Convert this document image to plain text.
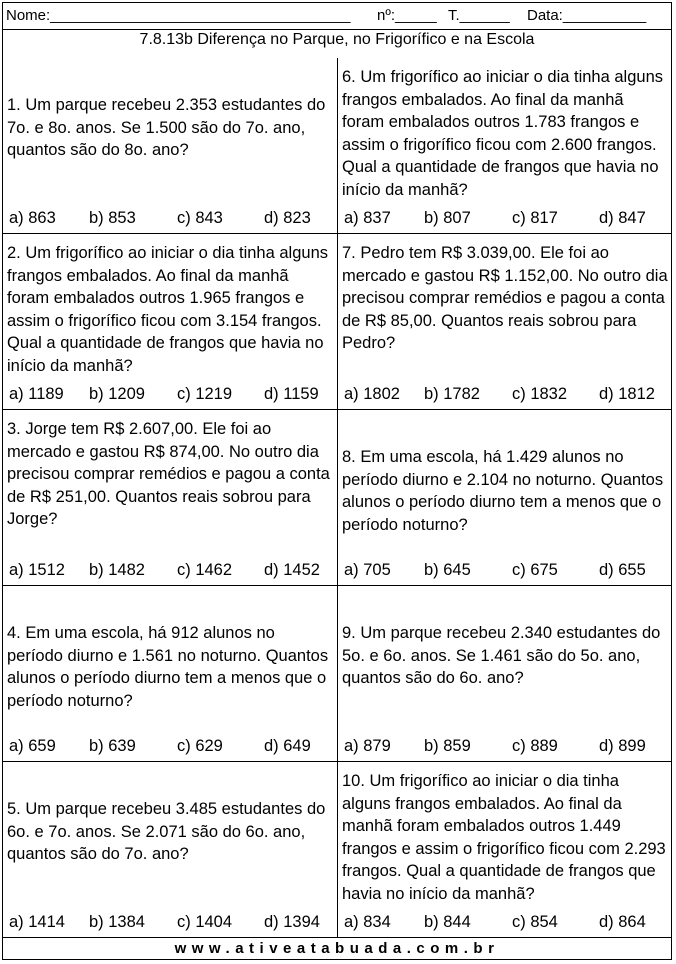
Nome:____________________________________ nº:_____ T.______ Data:__________
7.8.13b Diferença no Parque, no Frigorífico e na Escola
1. Um parque recebeu 2.353 estudantes do 7o. e 8o. anos. Se 1.500 são do 7o. ano, quantos são do 8o. ano?
a) 863 b) 853 c) 843 d) 823
2. Um frigorífico ao iniciar o dia tinha alguns frangos embalados. Ao final da manhã foram embalados outros 1.965 frangos e assim o frigorífico ficou com 3.154 frangos. Qual a quantidade de frangos que havia no início da manhã?
a) 1189 b) 1209 c) 1219 d) 1159
3. Jorge tem R$ 2.607,00. Ele foi ao mercado e gastou R$ 874,00. No outro dia precisou comprar remédios e pagou a conta de R$ 251,00. Quantos reais sobrou para Jorge?
a) 1512 b) 1482 c) 1462 d) 1452
4. Em uma escola, há 912 alunos no período diurno e 1.561 no noturno. Quantos alunos o período diurno tem a menos que o período noturno?
a) 659 b) 639 c) 629 d) 649
5. Um parque recebeu 3.485 estudantes do 6o. e 7o. anos. Se 2.071 são do 6o. ano, quantos são do 7o. ano?
a) 1414 b) 1384 c) 1404 d) 1394
6. Um frigorífico ao iniciar o dia tinha alguns frangos embalados. Ao final da manhã foram embalados outros 1.783 frangos e assim o frigorífico ficou com 2.600 frangos. Qual a quantidade de frangos que havia no início da manhã?
a) 837 b) 807 c) 817 d) 847
7. Pedro tem R$ 3.039,00. Ele foi ao mercado e gastou R$ 1.152,00. No outro dia precisou comprar remédios e pagou a conta de R$ 85,00. Quantos reais sobrou para Pedro?
a) 1802 b) 1782 c) 1832 d) 1812
8. Em uma escola, há 1.429 alunos no período diurno e 2.104 no noturno. Quantos alunos o período diurno tem a menos que o período noturno?
a) 705 b) 645 c) 675 d) 655
9. Um parque recebeu 2.340 estudantes do 5o. e 6o. anos. Se 1.461 são do 5o. ano, quantos são do 6o. ano?
a) 879 b) 859 c) 889 d) 899
10. Um frigorífico ao iniciar o dia tinha alguns frangos embalados. Ao final da manhã foram embalados outros 1.449 frangos e assim o frigorífico ficou com 2.293 frangos. Qual a quantidade de frangos que havia no início da manhã?
a) 834 b) 844 c) 854 d) 864
www.ativeatabuada.com.br
